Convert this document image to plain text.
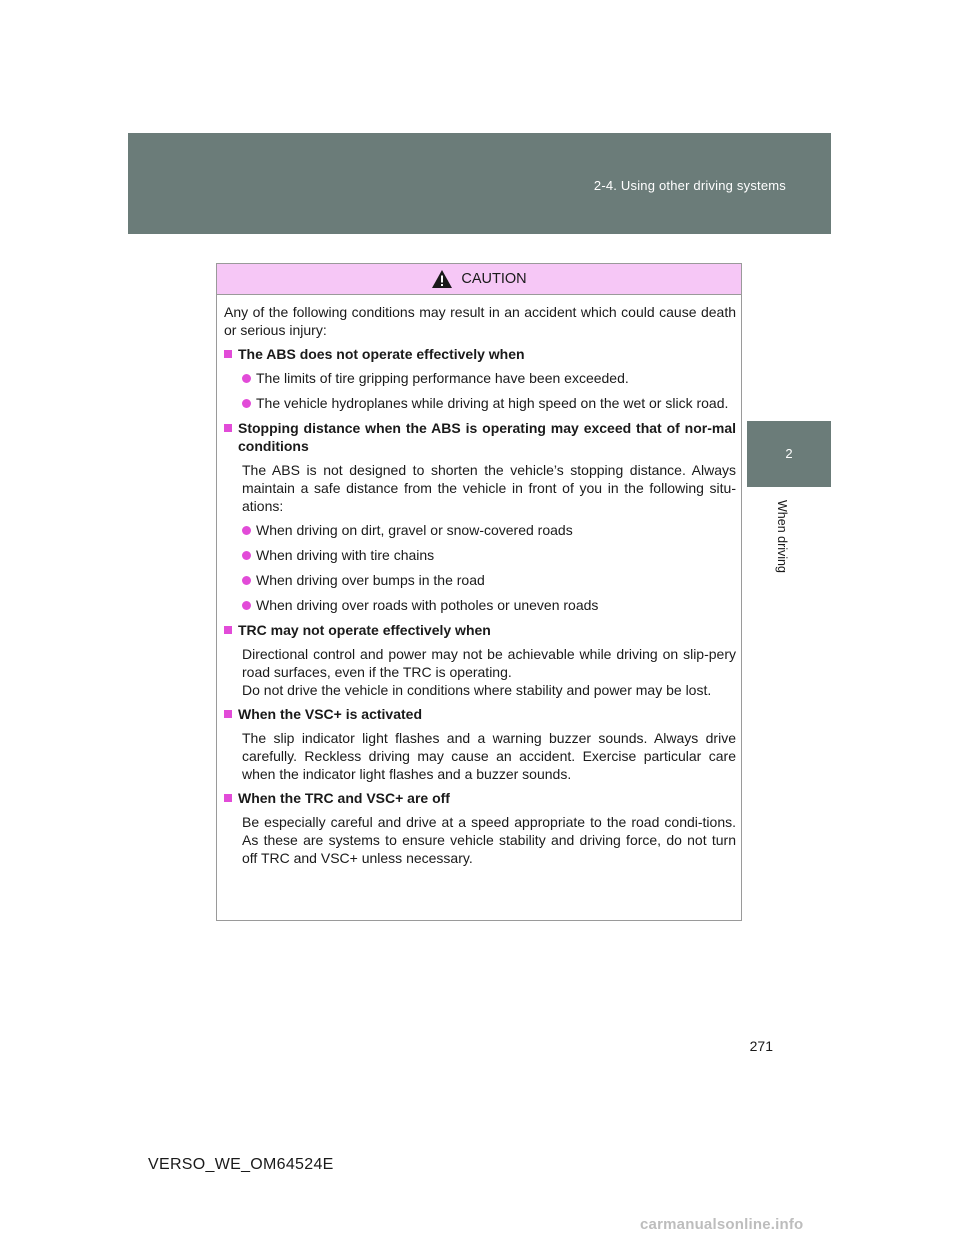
2-4. Using other driving systems
2
When driving
CAUTION

Any of the following conditions may result in an accident which could cause death or serious injury:

The ABS does not operate effectively when
The limits of tire gripping performance have been exceeded.
The vehicle hydroplanes while driving at high speed on the wet or slick road.
Stopping distance when the ABS is operating may exceed that of nor-mal conditions

The ABS is not designed to shorten the vehicle’s stopping distance. Always maintain a safe distance from the vehicle in front of you in the following situ-ations:

When driving on dirt, gravel or snow-covered roads
When driving with tire chains
When driving over bumps in the road
When driving over roads with potholes or uneven roads
TRC may not operate effectively when

Directional control and power may not be achievable while driving on slip-pery road surfaces, even if the TRC is operating.

Do not drive the vehicle in conditions where stability and power may be lost.

When the VSC+ is activated

The slip indicator light flashes and a warning buzzer sounds. Always drive carefully. Reckless driving may cause an accident. Exercise particular care when the indicator light flashes and a buzzer sounds.

When the TRC and VSC+ are off

Be especially careful and drive at a speed appropriate to the road condi-tions. As these are systems to ensure vehicle stability and driving force, do not turn off TRC and VSC+ unless necessary.

271
VERSO_WE_OM64524E
carmanualsonline.info
